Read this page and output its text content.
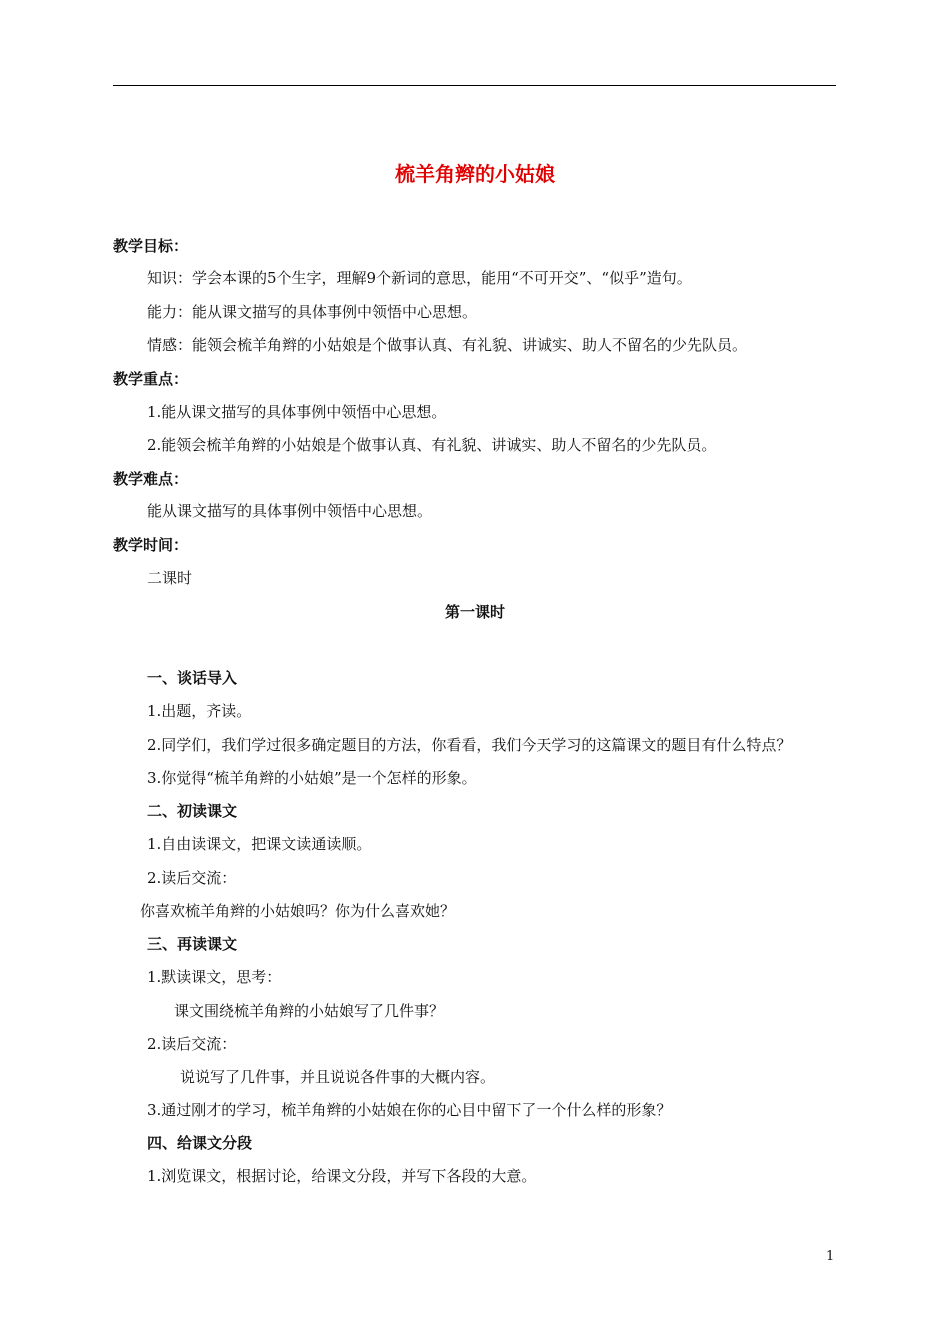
梳羊角辫的小姑娘
教学目标：
知识：学会本课的5个生字，理解9个新词的意思，能用“不可开交”、“似乎”造句。
能力：能从课文描写的具体事例中领悟中心思想。
情感：能领会梳羊角辫的小姑娘是个做事认真、有礼貌、讲诚实、助人不留名的少先队员。
教学重点：
1.能从课文描写的具体事例中领悟中心思想。
2.能领会梳羊角辫的小姑娘是个做事认真、有礼貌、讲诚实、助人不留名的少先队员。
教学难点：
能从课文描写的具体事例中领悟中心思想。
教学时间：
二课时
第一课时
一、谈话导入
1.出题，齐读。
2.同学们，我们学过很多确定题目的方法，你看看，我们今天学习的这篇课文的题目有什么特点？
3.你觉得“梳羊角辫的小姑娘”是一个怎样的形象。
二、初读课文
1.自由读课文，把课文读通读顺。
2.读后交流：
你喜欢梳羊角辫的小姑娘吗？你为什么喜欢她？
三、再读课文
1.默读课文，思考：
课文围绕梳羊角辫的小姑娘写了几件事？
2.读后交流：
说说写了几件事，并且说说各件事的大概内容。
3.通过刚才的学习，梳羊角辫的小姑娘在你的心目中留下了一个什么样的形象？
四、给课文分段
1.浏览课文，根据讨论，给课文分段，并写下各段的大意。
1
